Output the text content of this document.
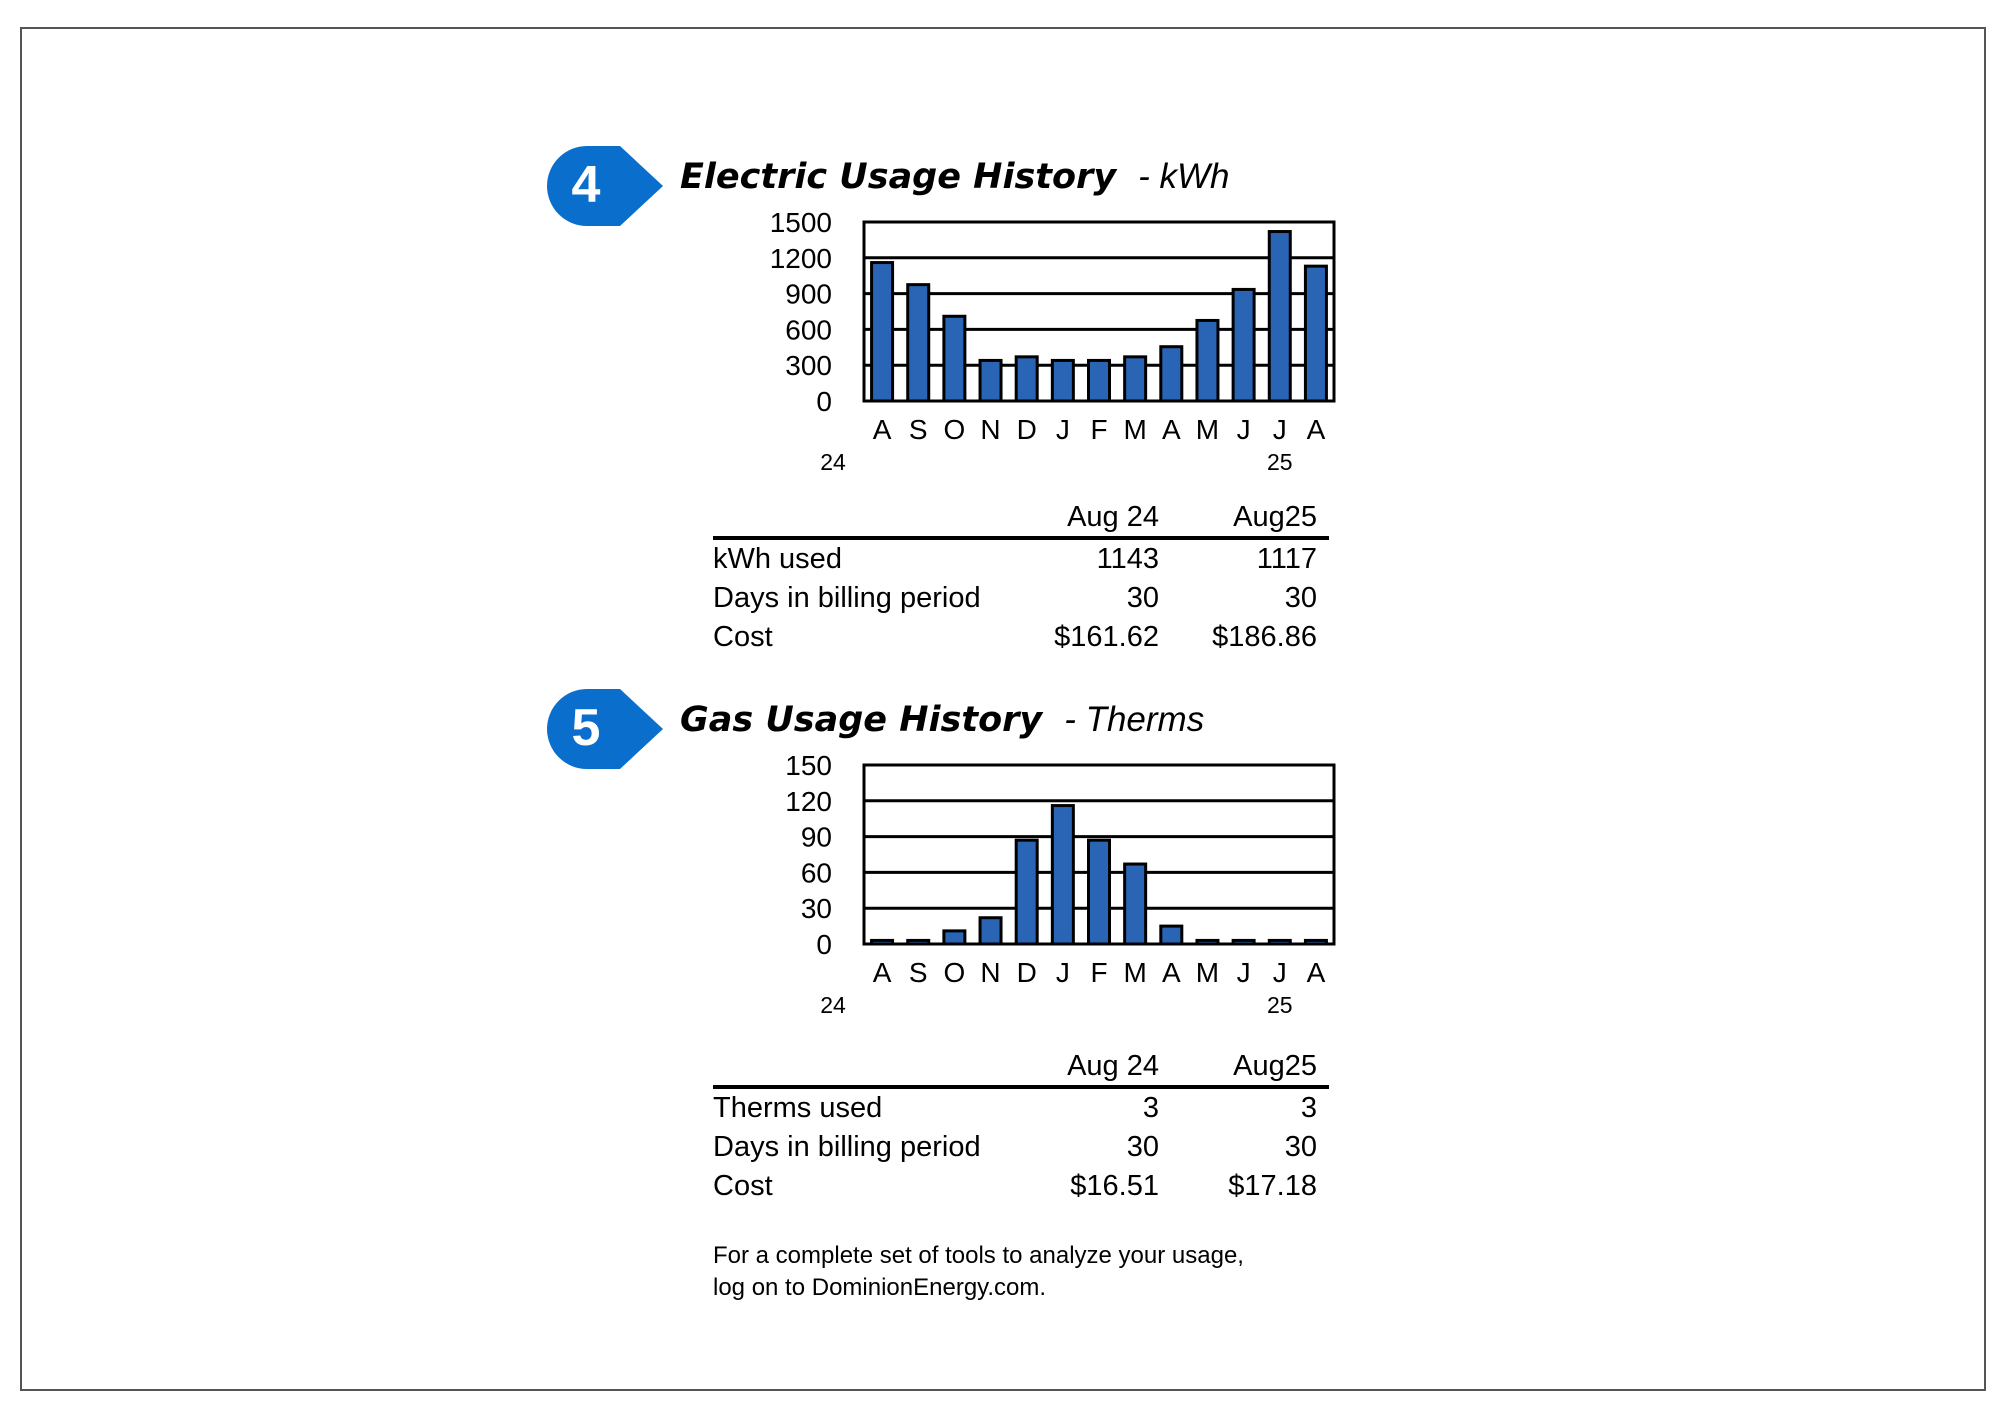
4 Electric Usage History - kWh
0
300
600
900
1200
1500
A S O N D J F M A M J J A
24	25
	Aug 24	Aug25
kWh used	1143	1117
Days in billing period	30	30
Cost	$161.62	$186.86
5 Gas Usage History - Therms
0
30
60
90
120
150
A S O N D J F M A M J J A
24	25
	Aug 24	Aug25
Therms used	3	3
Days in billing period	30	30
Cost	$16.51	$17.18
For a complete set of tools to analyze your usage,
log on to DominionEnergy.com.
